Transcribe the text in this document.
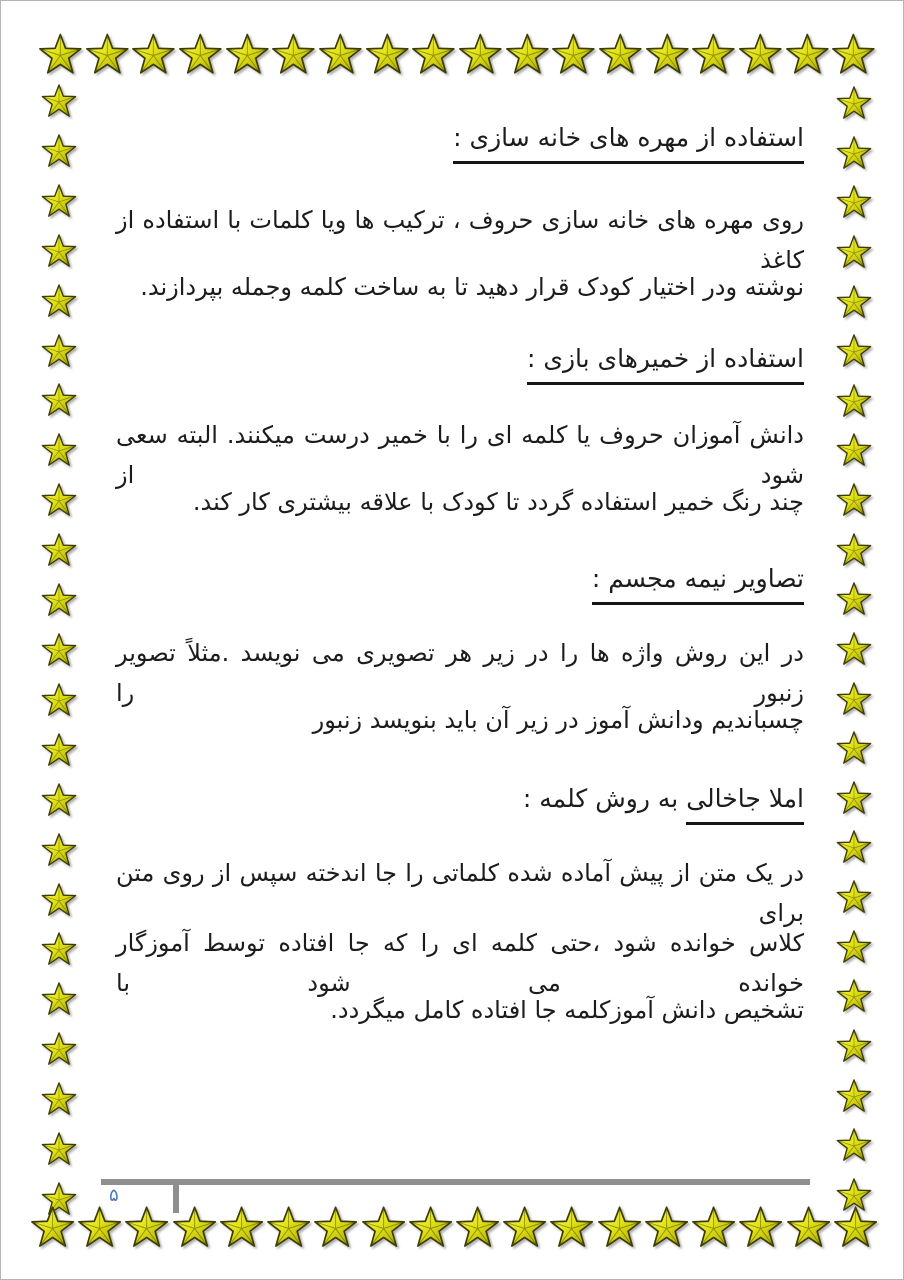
استفاده از مهره های خانه سازی :
روی مهره های خانه سازی حروف ، ترکیب ها ویا کلمات با استفاده از کاغذ
نوشته ودر اختیار کودک قرار دهید تا به ساخت کلمه وجمله بپردازند.
استفاده از خمیرهای بازی :
دانش آموزان حروف یا کلمه ای را با خمیر درست میکنند. البته سعی شود از
چند رنگ خمیر استفاده گردد تا کودک با علاقه بیشتری کار کند.
تصاویر نیمه مجسم :
در این روش واژه ها را در زیر هر تصویری می نویسد .مثلاً تصویر زنبور را
چسباندیم ودانش آموز در زیر آن باید بنویسد زنبور
املا جاخالی به روش کلمه :
در یک متن از پیش آماده شده کلماتی را جا اندخته سپس از روی متن برای
کلاس خوانده شود ،حتی کلمه ای را که جا افتاده توسط آموزگار خوانده می شود با
تشخیص دانش آموزکلمه جا افتاده کامل میگردد.
۵
